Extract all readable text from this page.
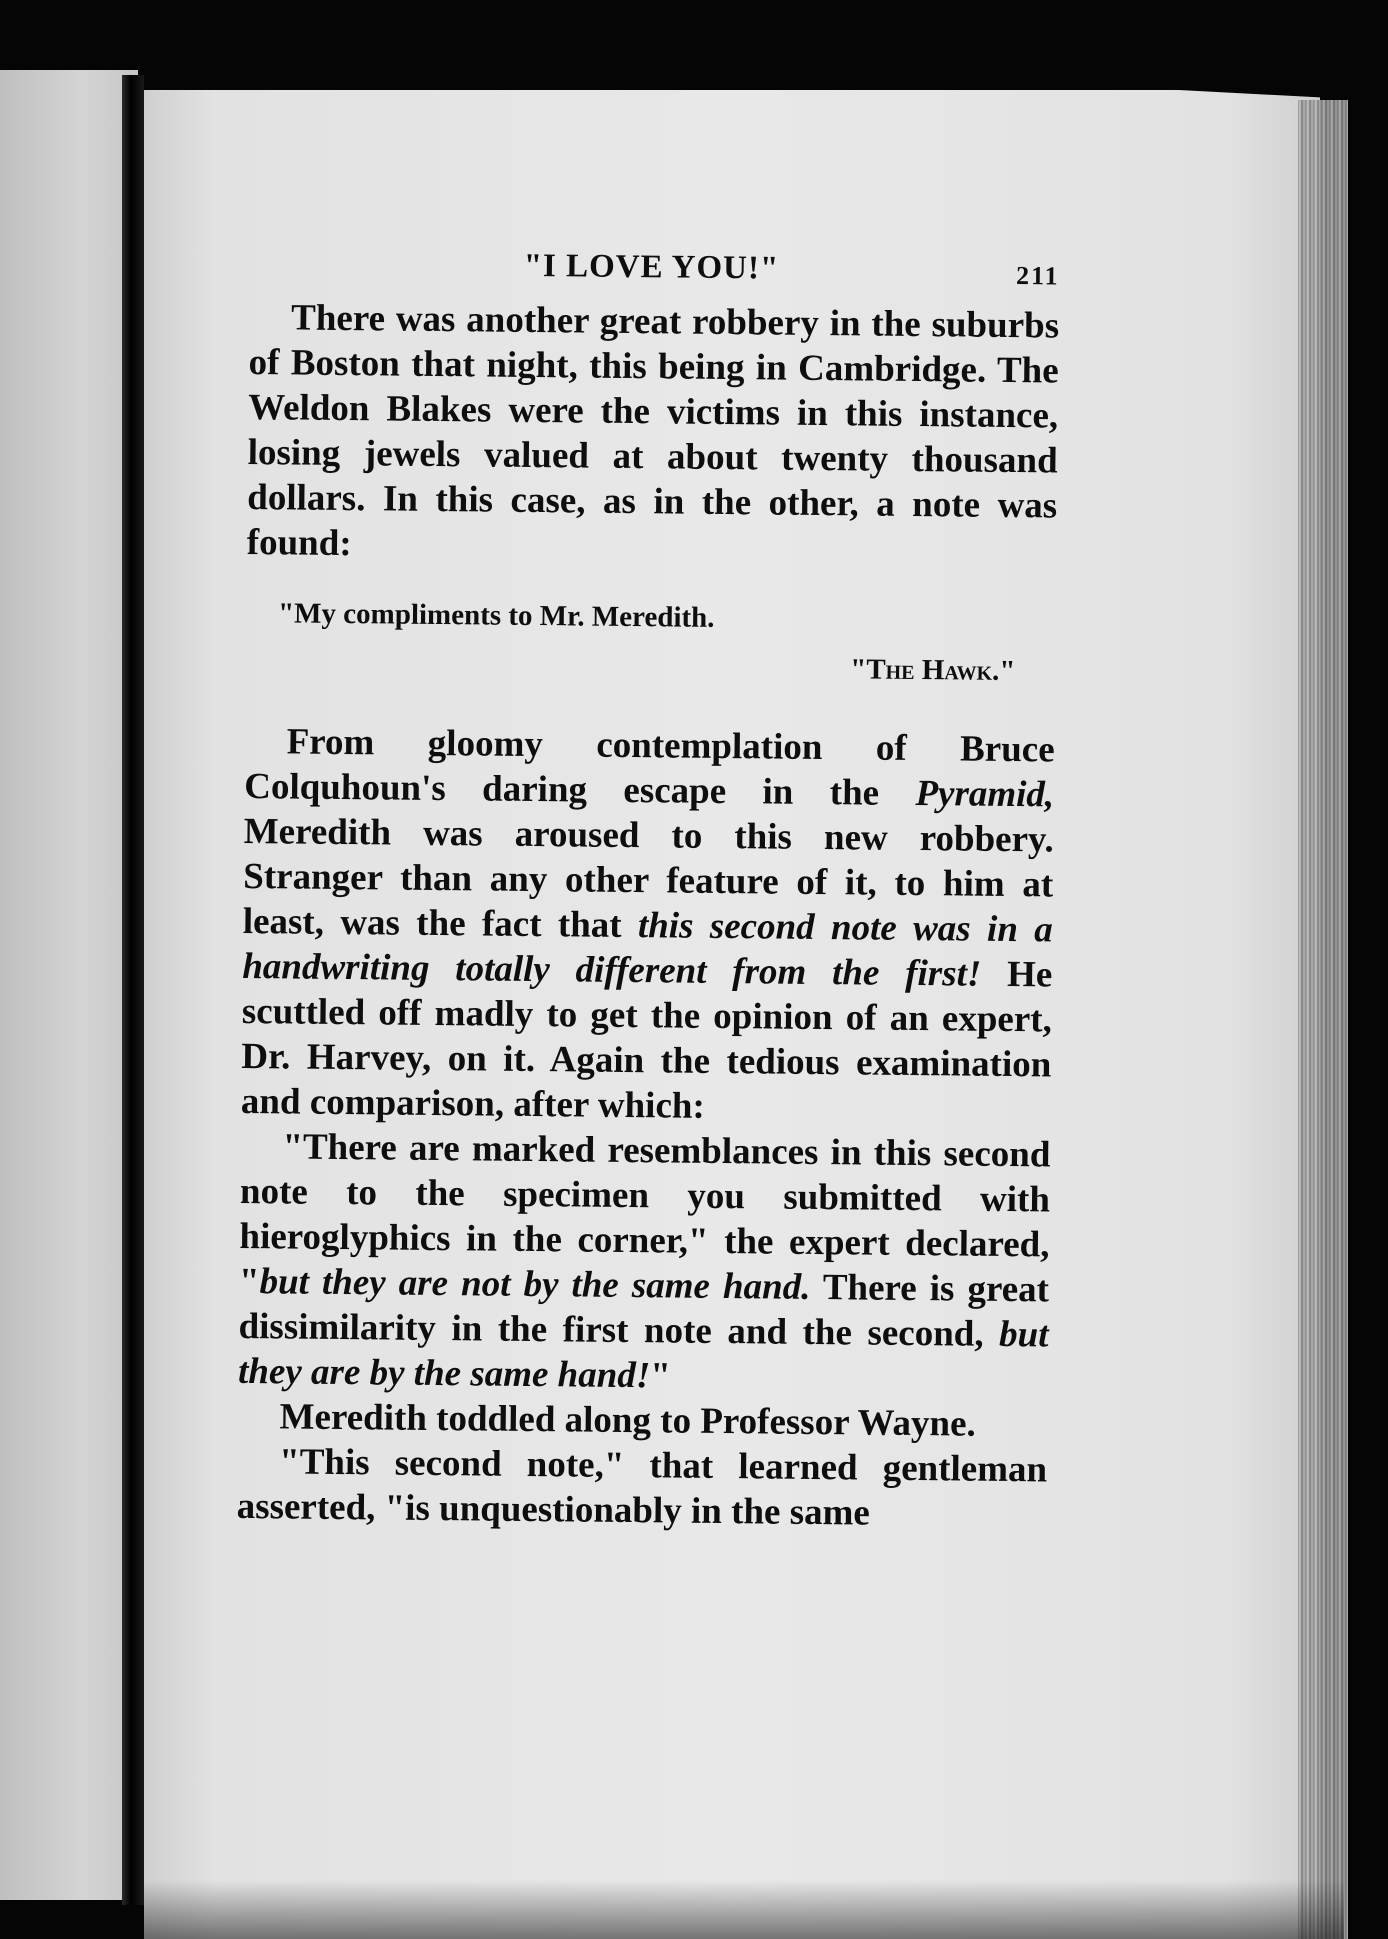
"I LOVE YOU!"	211

There was another great robbery in the suburbs of Boston that night, this being in Cambridge. The Weldon Blakes were the victims in this instance, losing jewels valued at about twenty thousand dollars. In this case, as in the other, a note was found:

"My compliments to Mr. Meredith.
"The Hawk."

From gloomy contemplation of Bruce Colquhoun's daring escape in the Pyramid, Meredith was aroused to this new robbery. Stranger than any other feature of it, to him at least, was the fact that this second note was in a handwriting totally different from the first! He scuttled off madly to get the opinion of an expert, Dr. Harvey, on it. Again the tedious examination and comparison, after which:

"There are marked resemblances in this second note to the specimen you submitted with hieroglyphics in the corner," the expert declared, "but they are not by the same hand. There is great dissimilarity in the first note and the second, but they are by the same hand!"

Meredith toddled along to Professor Wayne.

"This second note," that learned gentleman asserted, "is unquestionably in the same
